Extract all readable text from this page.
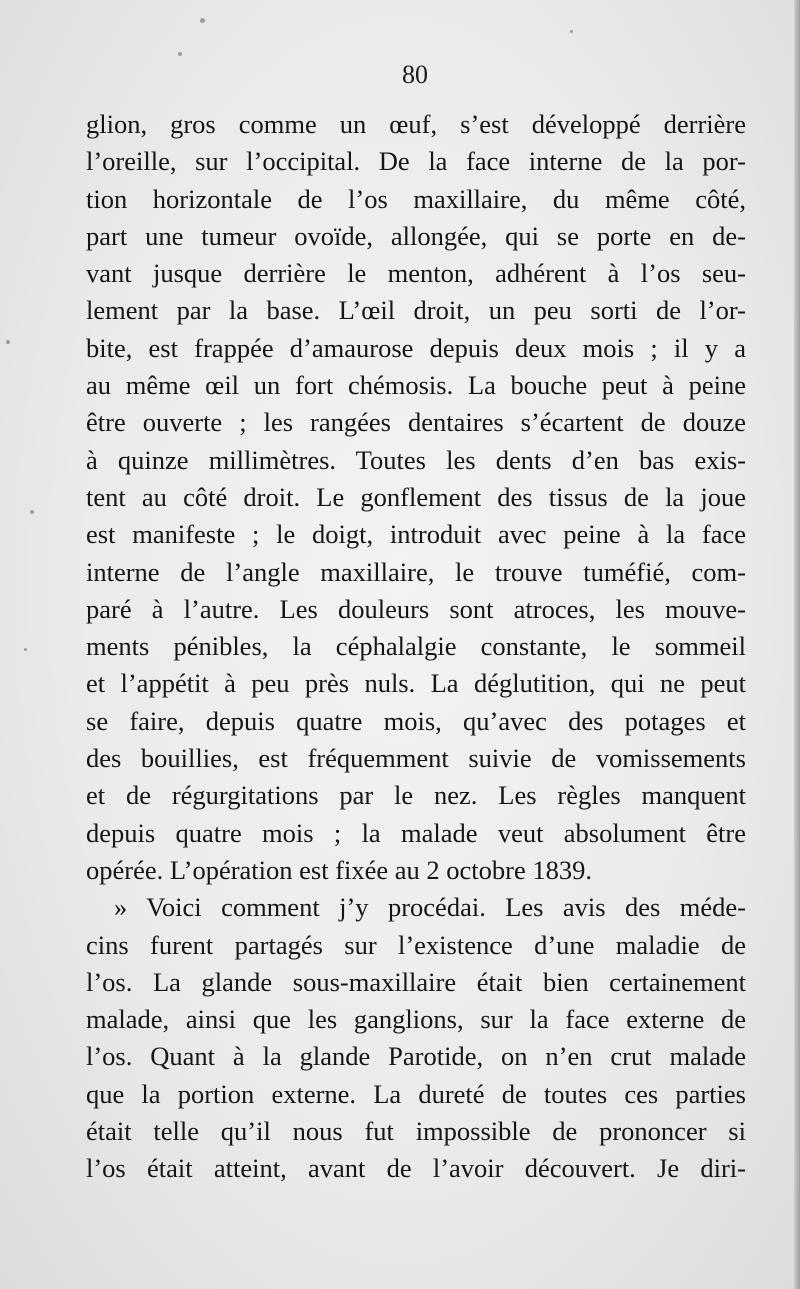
80
glion, gros comme un œuf, s’est développé derrière
l’oreille, sur l’occipital. De la face interne de la por-
tion horizontale de l’os maxillaire, du même côté,
part une tumeur ovoïde, allongée, qui se porte en de-
vant jusque derrière le menton, adhérent à l’os seu-
lement par la base. L’œil droit, un peu sorti de l’or-
bite, est frappée d’amaurose depuis deux mois ; il y a
au même œil un fort chémosis. La bouche peut à peine
être ouverte ; les rangées dentaires s’écartent de douze
à quinze millimètres. Toutes les dents d’en bas exis-
tent au côté droit. Le gonflement des tissus de la joue
est manifeste ; le doigt, introduit avec peine à la face
interne de l’angle maxillaire, le trouve tuméfié, com-
paré à l’autre. Les douleurs sont atroces, les mouve-
ments pénibles, la céphalalgie constante, le sommeil
et l’appétit à peu près nuls. La déglutition, qui ne peut
se faire, depuis quatre mois, qu’avec des potages et
des bouillies, est fréquemment suivie de vomissements
et de régurgitations par le nez. Les règles manquent
depuis quatre mois ; la malade veut absolument être
opérée. L’opération est fixée au 2 octobre 1839.
» Voici comment j’y procédai. Les avis des méde-
cins furent partagés sur l’existence d’une maladie de
l’os. La glande sous-maxillaire était bien certainement
malade, ainsi que les ganglions, sur la face externe de
l’os. Quant à la glande Parotide, on n’en crut malade
que la portion externe. La dureté de toutes ces parties
était telle qu’il nous fut impossible de prononcer si
l’os était atteint, avant de l’avoir découvert. Je diri-
